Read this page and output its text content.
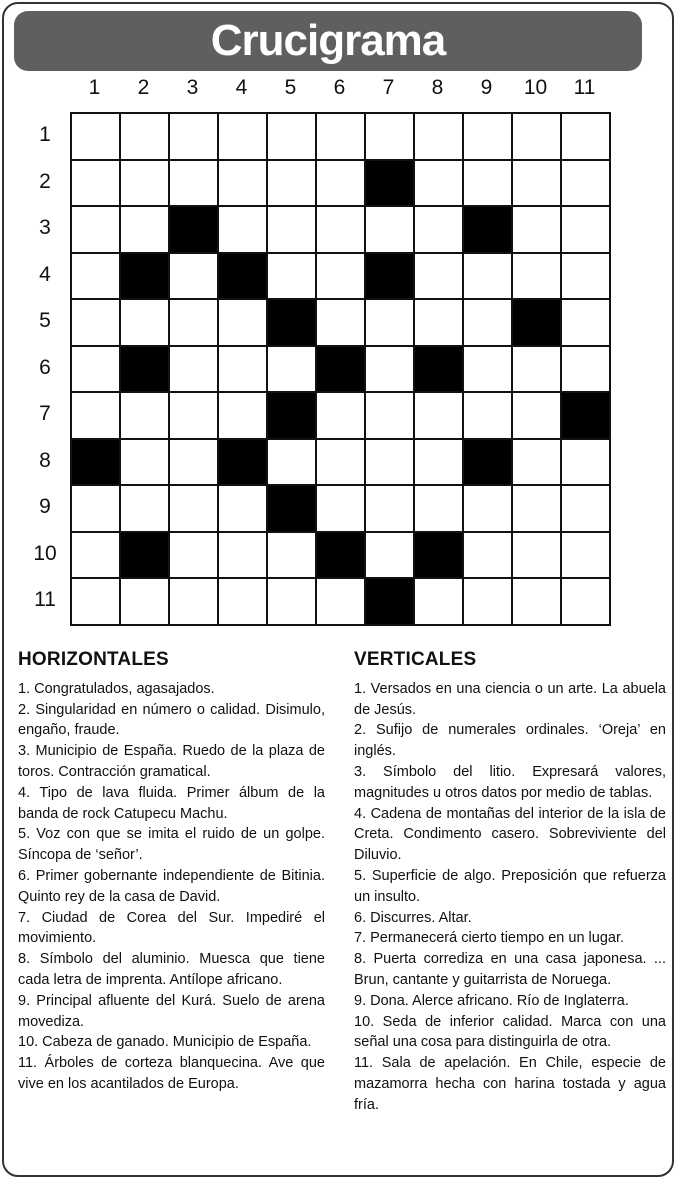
Crucigrama
1	2	3	4	5	6	7	8	9	10	11
1
2
3
4
5
6
7
8
9
10
11
HORIZONTALES

1. Congratulados, agasajados.

2. Singularidad en número o calidad. Disimulo, engaño, fraude.

3. Municipio de España. Ruedo de la plaza de toros. Contracción gramatical.

4. Tipo de lava fluida. Primer álbum de la banda de rock Catupecu Machu.

5. Voz con que se imita el ruido de un golpe. Síncopa de ‘señor’.

6. Primer gobernante independiente de Bitinia. Quinto rey de la casa de David.

7. Ciudad de Corea del Sur. Impediré el movimiento.

8. Símbolo del aluminio. Muesca que tiene cada letra de imprenta. Antílope africano.

9. Principal afluente del Kurá. Suelo de arena movediza.

10. Cabeza de ganado. Municipio de España.

11. Árboles de corteza blanquecina. Ave que vive en los acantilados de Europa.

VERTICALES

1. Versados en una ciencia o un arte. La abuela de Jesús.

2. Sufijo de numerales ordinales. ‘Oreja’ en inglés.

3. Símbolo del litio. Expresará valores, magnitudes u otros datos por medio de tablas.

4. Cadena de montañas del interior de la isla de Creta. Condimento casero. Sobreviviente del Diluvio.

5. Superficie de algo. Preposición que refuerza un insulto.

6. Discurres. Altar.

7. Permanecerá cierto tiempo en un lugar.

8. Puerta corrediza en una casa japonesa. ... Brun, cantante y guitarrista de Noruega.

9. Dona. Alerce africano. Río de Inglaterra.

10. Seda de inferior calidad. Marca con una señal una cosa para distinguirla de otra.

11. Sala de apelación. En Chile, especie de mazamorra hecha con harina tostada y agua fría.
